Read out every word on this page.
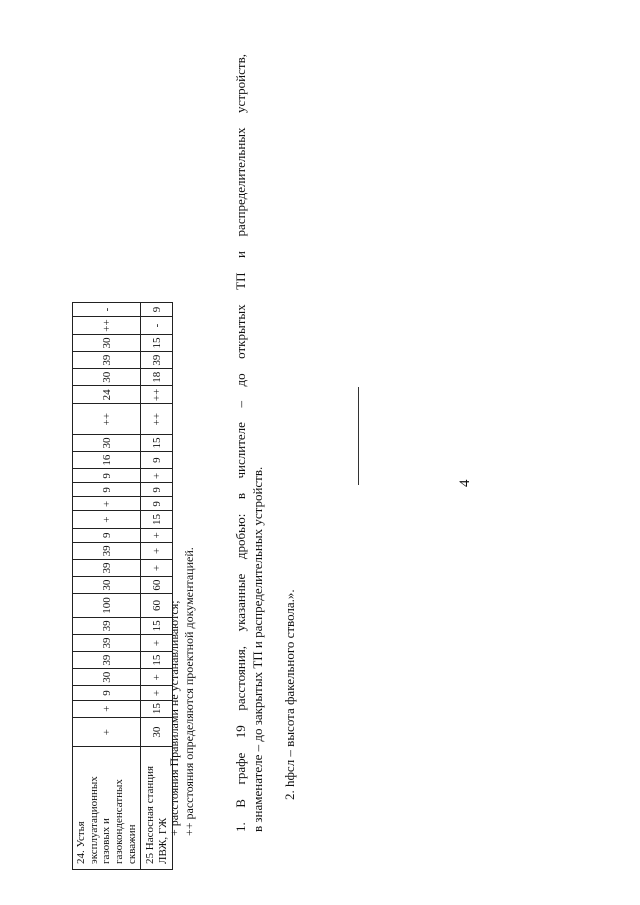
4
24. Устья эксплуатационных газовых и газоконденсатных скважин	+	+	9	30	39	39	39	100	30	39	39	9	+	+	9	9	16	30	++	24	30	39	30	++	-
25 Насосная станция ЛВЖ, ГЖ	30	15	+	+	15	+	15	60	60	+	+	+	15	9	9	+	9	15	++	++	18	39	15	-	9
+ расстояния Правилами не устанавливаются; ++ расстояния определяются проектной документацией.	1.
В
графе
19
расстояния,
указанные
дробью:
в
числителе
–
до
открытых
ТП
и
распределительных
устройств,
в знаменателе – до закрытых ТП и распределительных устройств. 2. hфсл – высота факельного ствола.».
